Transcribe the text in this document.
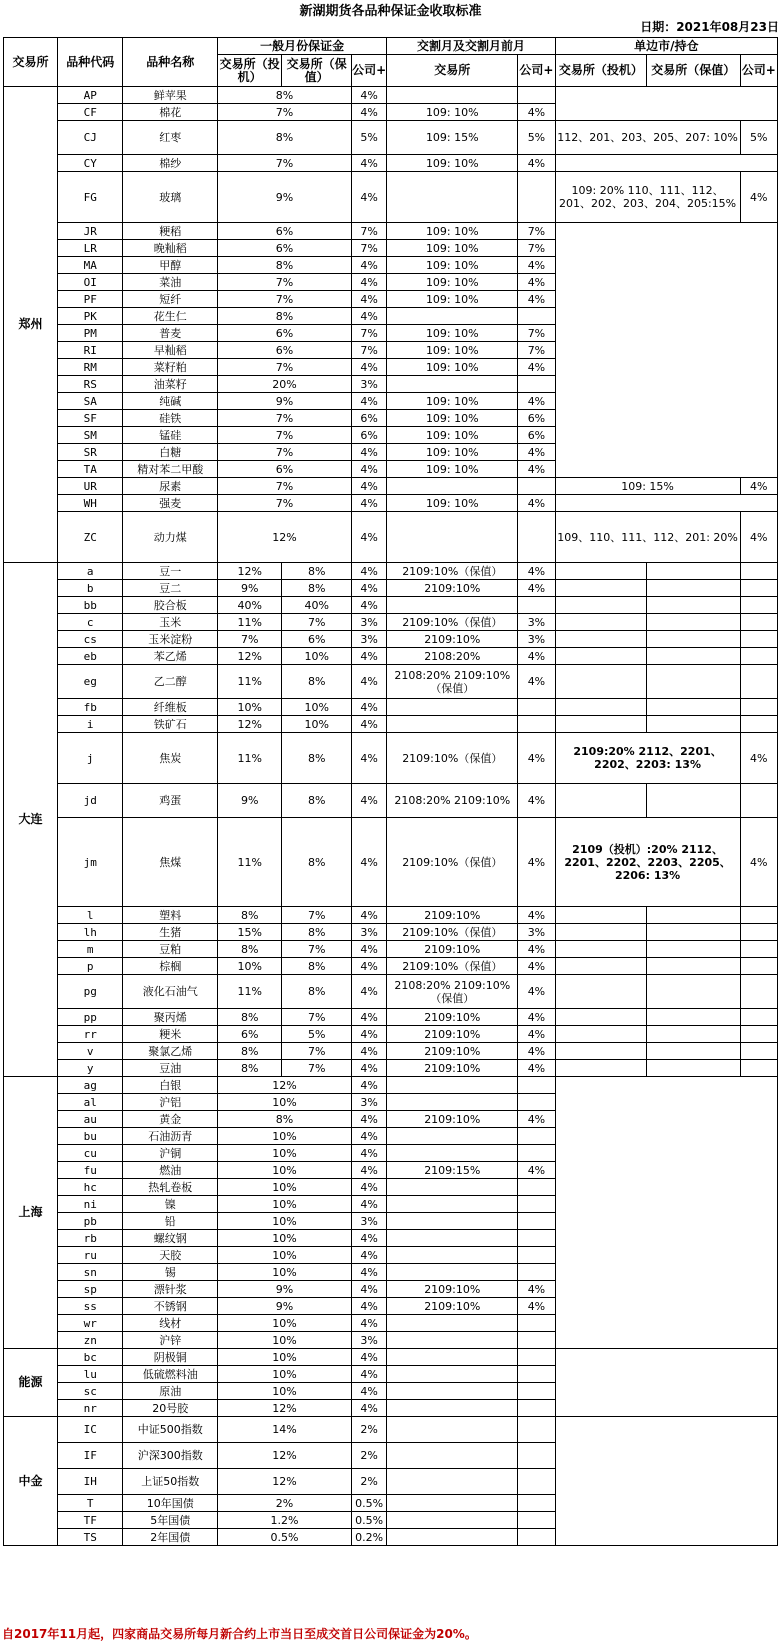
新湖期货各品种保证金收取标准
日期：2021年08月23日
交易所	品种代码	品种名称	一般月份保证金			交割月及交割月前月		单边市/持仓		
			交易所（投机）	交易所（保值）	公司+	交易所	公司+	交易所（投机）	交易所（保值）	公司+

郑州	AP	鲜苹果	8%		4%					
	CF	棉花	7%		4%	109: 10%	4%			
	CJ	红枣	8%		5%	109: 15%	5%	112、201、203、205、207: 10%		5%
	CY	棉纱	7%		4%	109: 10%	4%			
	FG	玻璃	9%		4%			109: 20% 110、111、112、201、202、203、204、205:15%		4%
	JR	粳稻	6%		7%	109: 10%	7%			
	LR	晚籼稻	6%		7%	109: 10%	7%			
	MA	甲醇	8%		4%	109: 10%	4%			
	OI	菜油	7%		4%	109: 10%	4%			
	PF	短纤	7%		4%	109: 10%	4%			
	PK	花生仁	8%		4%					
	PM	普麦	6%		7%	109: 10%	7%			
	RI	早籼稻	6%		7%	109: 10%	7%			
	RM	菜籽粕	7%		4%	109: 10%	4%			
	RS	油菜籽	20%		3%					
	SA	纯碱	9%		4%	109: 10%	4%			
	SF	硅铁	7%		6%	109: 10%	6%			
	SM	锰硅	7%		6%	109: 10%	6%			
	SR	白糖	7%		4%	109: 10%	4%			
	TA	精对苯二甲酸	6%		4%	109: 10%	4%			
	UR	尿素	7%		4%			109: 15%		4%
	WH	强麦	7%		4%	109: 10%	4%			
	ZC	动力煤	12%		4%			109、110、111、112、201: 20%		4%
大连	a	豆一	12%	8%	4%	2109:10%（保值）	4%			
	b	豆二	9%	8%	4%	2109:10%	4%			
	bb	胶合板	40%	40%	4%					
	c	玉米	11%	7%	3%	2109:10%（保值）	3%			
	cs	玉米淀粉	7%	6%	3%	2109:10%	3%			
	eb	苯乙烯	12%	10%	4%	2108:20%	4%			
	eg	乙二醇	11%	8%	4%	2108:20% 2109:10%（保值）	4%			
	fb	纤维板	10%	10%	4%					
	i	铁矿石	12%	10%	4%					
	j	焦炭	11%	8%	4%	2109:10%（保值）	4%	2109:20% 2112、2201、2202、2203: 13%		4%
	jd	鸡蛋	9%	8%	4%	2108:20% 2109:10%	4%			
	jm	焦煤	11%	8%	4%	2109:10%（保值）	4%	2109（投机）:20% 2112、2201、2202、2203、2205、2206: 13%		4%
	l	塑料	8%	7%	4%	2109:10%	4%			
	lh	生猪	15%	8%	3%	2109:10%（保值）	3%			
	m	豆粕	8%	7%	4%	2109:10%	4%			
	p	棕榈	10%	8%	4%	2109:10%（保值）	4%			
	pg	液化石油气	11%	8%	4%	2108:20% 2109:10%（保值）	4%			
	pp	聚丙烯	8%	7%	4%	2109:10%	4%			
	rr	粳米	6%	5%	4%	2109:10%	4%			
	v	聚氯乙烯	8%	7%	4%	2109:10%	4%			
	y	豆油	8%	7%	4%	2109:10%	4%			
上海	ag	白银	12%		4%					
	al	沪铝	10%		3%					
	au	黄金	8%		4%	2109:10%	4%			
	bu	石油沥青	10%		4%					
	cu	沪铜	10%		4%					
	fu	燃油	10%		4%	2109:15%	4%			
	hc	热轧卷板	10%		4%					
	ni	镍	10%		4%					
	pb	铅	10%		3%					
	rb	螺纹钢	10%		4%					
	ru	天胶	10%		4%					
	sn	锡	10%		4%					
	sp	漂针浆	9%		4%	2109:10%	4%			
	ss	不锈钢	9%		4%	2109:10%	4%			
	wr	线材	10%		4%					
	zn	沪锌	10%		3%					
能源	bc	阴极铜	10%		4%					
	lu	低硫燃料油	10%		4%					
	sc	原油	10%		4%					
	nr	20号胶	12%		4%					
中金	IC	中证500指数	14%		2%					
	IF	沪深300指数	12%		2%					
	IH	上证50指数	12%		2%					
	T	10年国债	2%		0.5%					
	TF	5年国债	1.2%		0.5%					
	TS	2年国债	0.5%		0.2%					
自2017年11月起，四家商品交易所每月新合约上市当日至成交首日公司保证金为20%。
